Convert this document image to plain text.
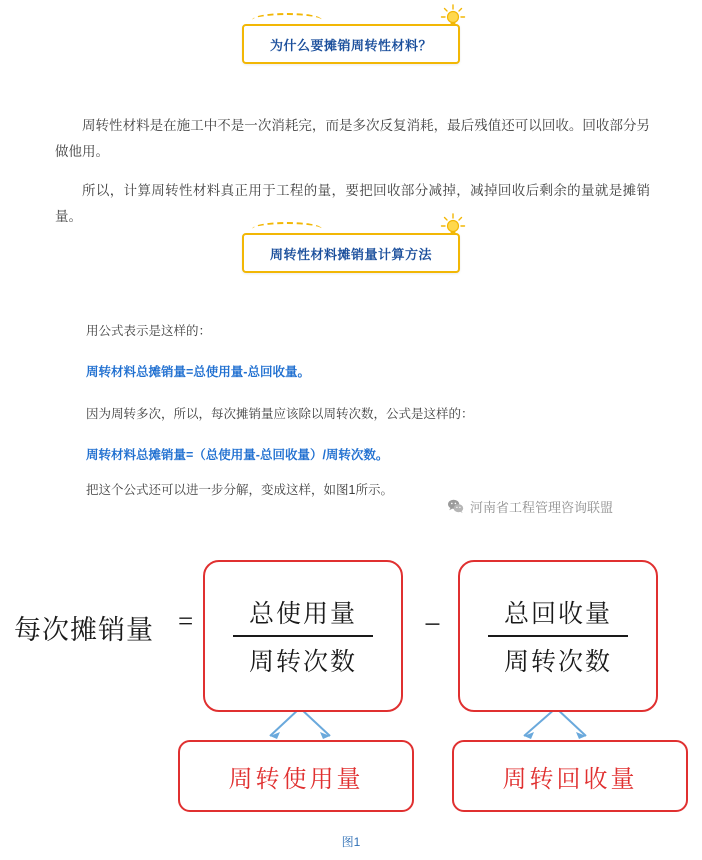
为什么要摊销周转性材料？
周转性材料是在施工中不是一次消耗完，而是多次反复消耗，最后残值还可以回收。回收部分另做他用。
所以，计算周转性材料真正用于工程的量，要把回收部分减掉，减掉回收后剩余的量就是摊销量。
周转性材料摊销量计算方法
用公式表示是这样的：
周转材料总摊销量=总使用量-总回收量。
因为周转多次，所以，每次摊销量应该除以周转次数，公式是这样的：
周转材料总摊销量=（总使用量-总回收量）/周转次数。
把这个公式还可以进一步分解，变成这样，如图1所示。
河南省工程管理咨询联盟
每次摊销量 =	−
总使用量
周转次数
总回收量
周转次数
周转使用量	周转回收量
图1
